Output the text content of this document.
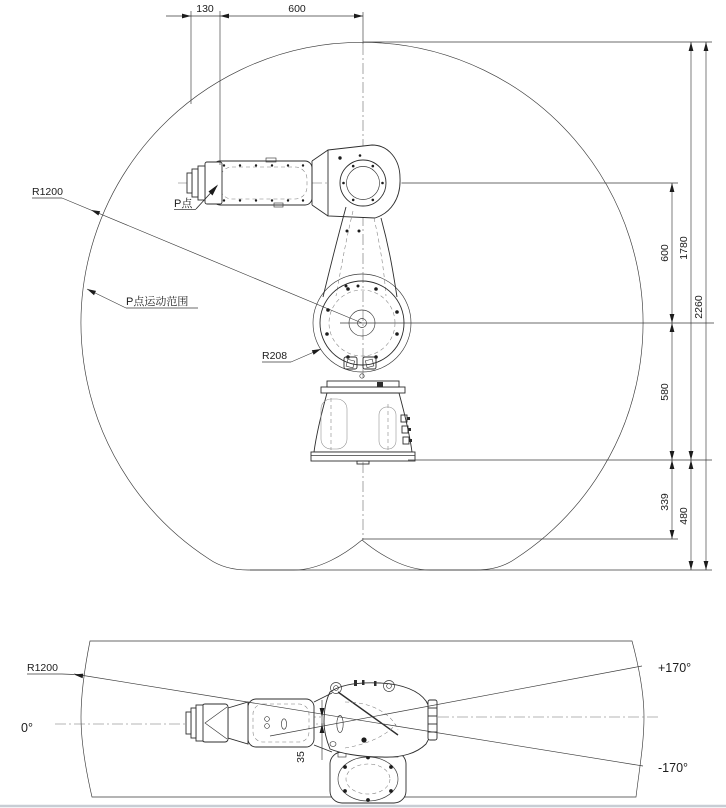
130	600
600
580
339
1780
480
2260
R1200
P点运动范围
R208
P点
35
R1200
0°
+170°
-170°
